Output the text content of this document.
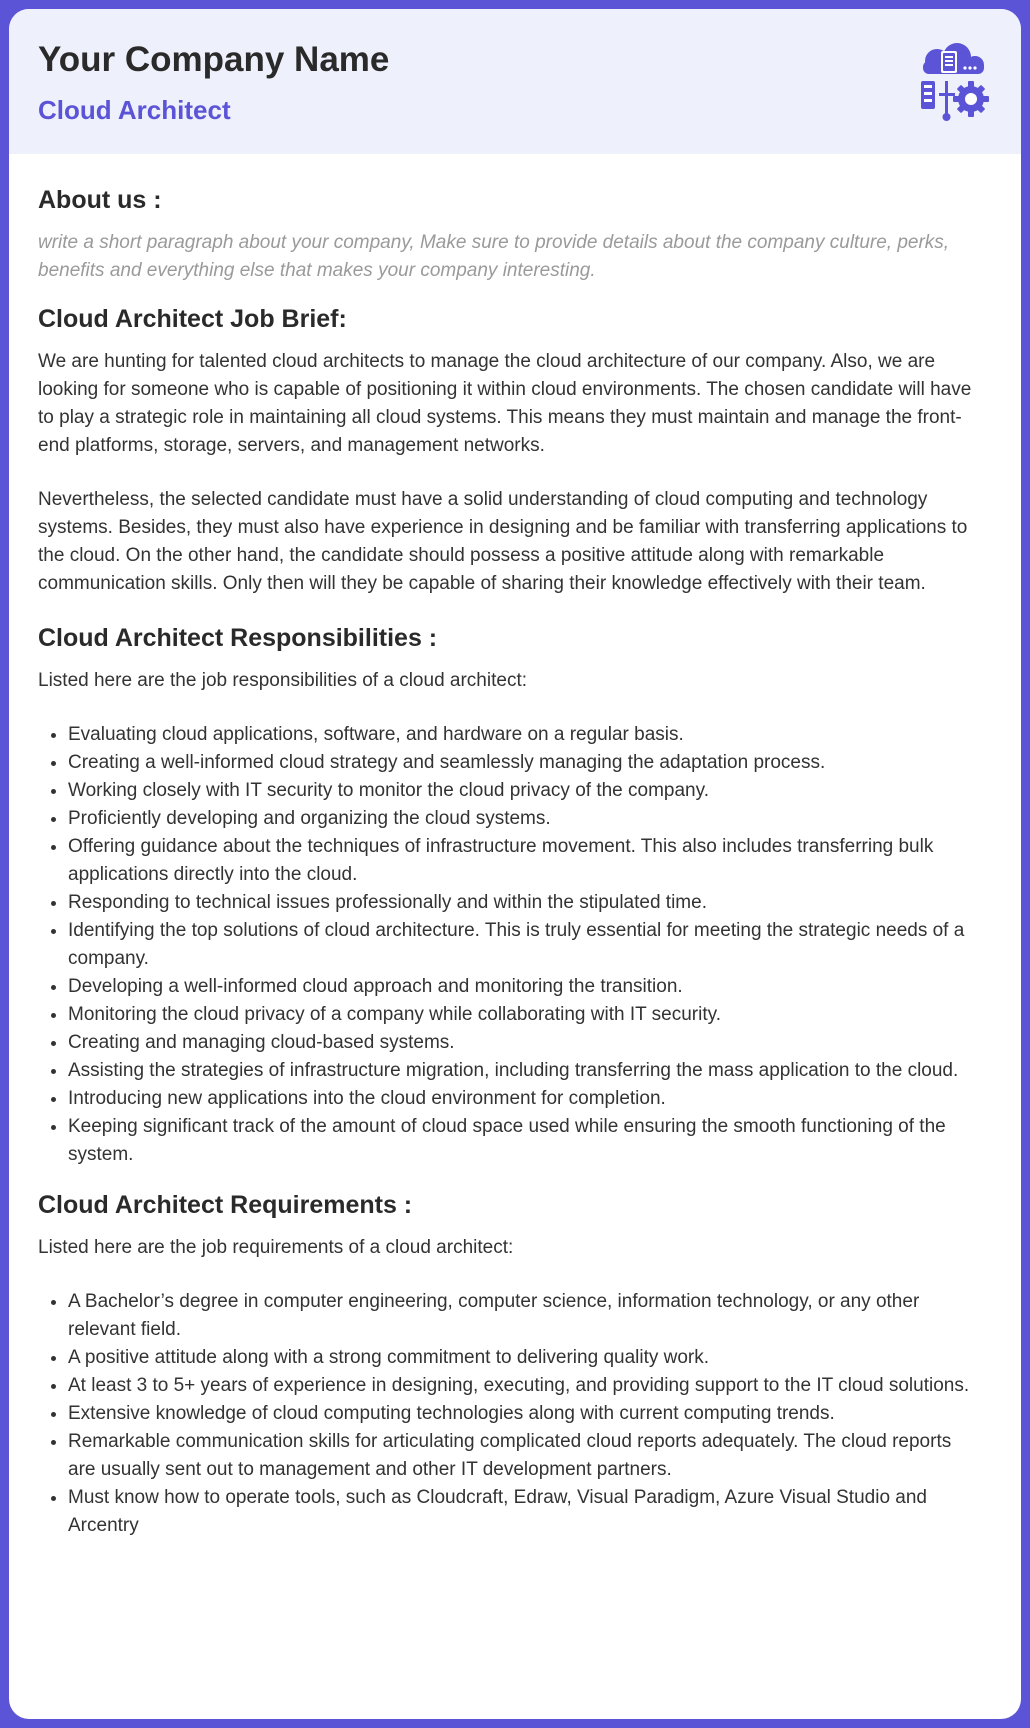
Your Company Name
Cloud Architect
About us :

write a short paragraph about your company, Make sure to provide details about the company culture, perks, benefits and everything else that makes your company interesting.

Cloud Architect Job Brief:

We are hunting for talented cloud architects to manage the cloud architecture of our company. Also, we are looking for someone who is capable of positioning it within cloud environments. The chosen candidate will have to play a strategic role in maintaining all cloud systems. This means they must maintain and manage the front-end platforms, storage, servers, and management networks.

Nevertheless, the selected candidate must have a solid understanding of cloud computing and technology systems. Besides, they must also have experience in designing and be familiar with transferring applications to the cloud. On the other hand, the candidate should possess a positive attitude along with remarkable communication skills. Only then will they be capable of sharing their knowledge effectively with their team.

Cloud Architect Responsibilities :

Listed here are the job responsibilities of a cloud architect:

• Evaluating cloud applications, software, and hardware on a regular basis.
• Creating a well-informed cloud strategy and seamlessly managing the adaptation process.
• Working closely with IT security to monitor the cloud privacy of the company.
• Proficiently developing and organizing the cloud systems.
• Offering guidance about the techniques of infrastructure movement. This also includes transferring bulk applications directly into the cloud.
• Responding to technical issues professionally and within the stipulated time.
• Identifying the top solutions of cloud architecture. This is truly essential for meeting the strategic needs of a company.
• Developing a well-informed cloud approach and monitoring the transition.
• Monitoring the cloud privacy of a company while collaborating with IT security.
• Creating and managing cloud-based systems.
• Assisting the strategies of infrastructure migration, including transferring the mass application to the cloud.
• Introducing new applications into the cloud environment for completion.
• Keeping significant track of the amount of cloud space used while ensuring the smooth functioning of the system.
Cloud Architect Requirements :

Listed here are the job requirements of a cloud architect:

• A Bachelor’s degree in computer engineering, computer science, information technology, or any other relevant field.
• A positive attitude along with a strong commitment to delivering quality work.
• At least 3 to 5+ years of experience in designing, executing, and providing support to the IT cloud solutions.
• Extensive knowledge of cloud computing technologies along with current computing trends.
• Remarkable communication skills for articulating complicated cloud reports adequately. The cloud reports are usually sent out to management and other IT development partners.
• Must know how to operate tools, such as Cloudcraft, Edraw, Visual Paradigm, Azure Visual Studio and Arcentry
